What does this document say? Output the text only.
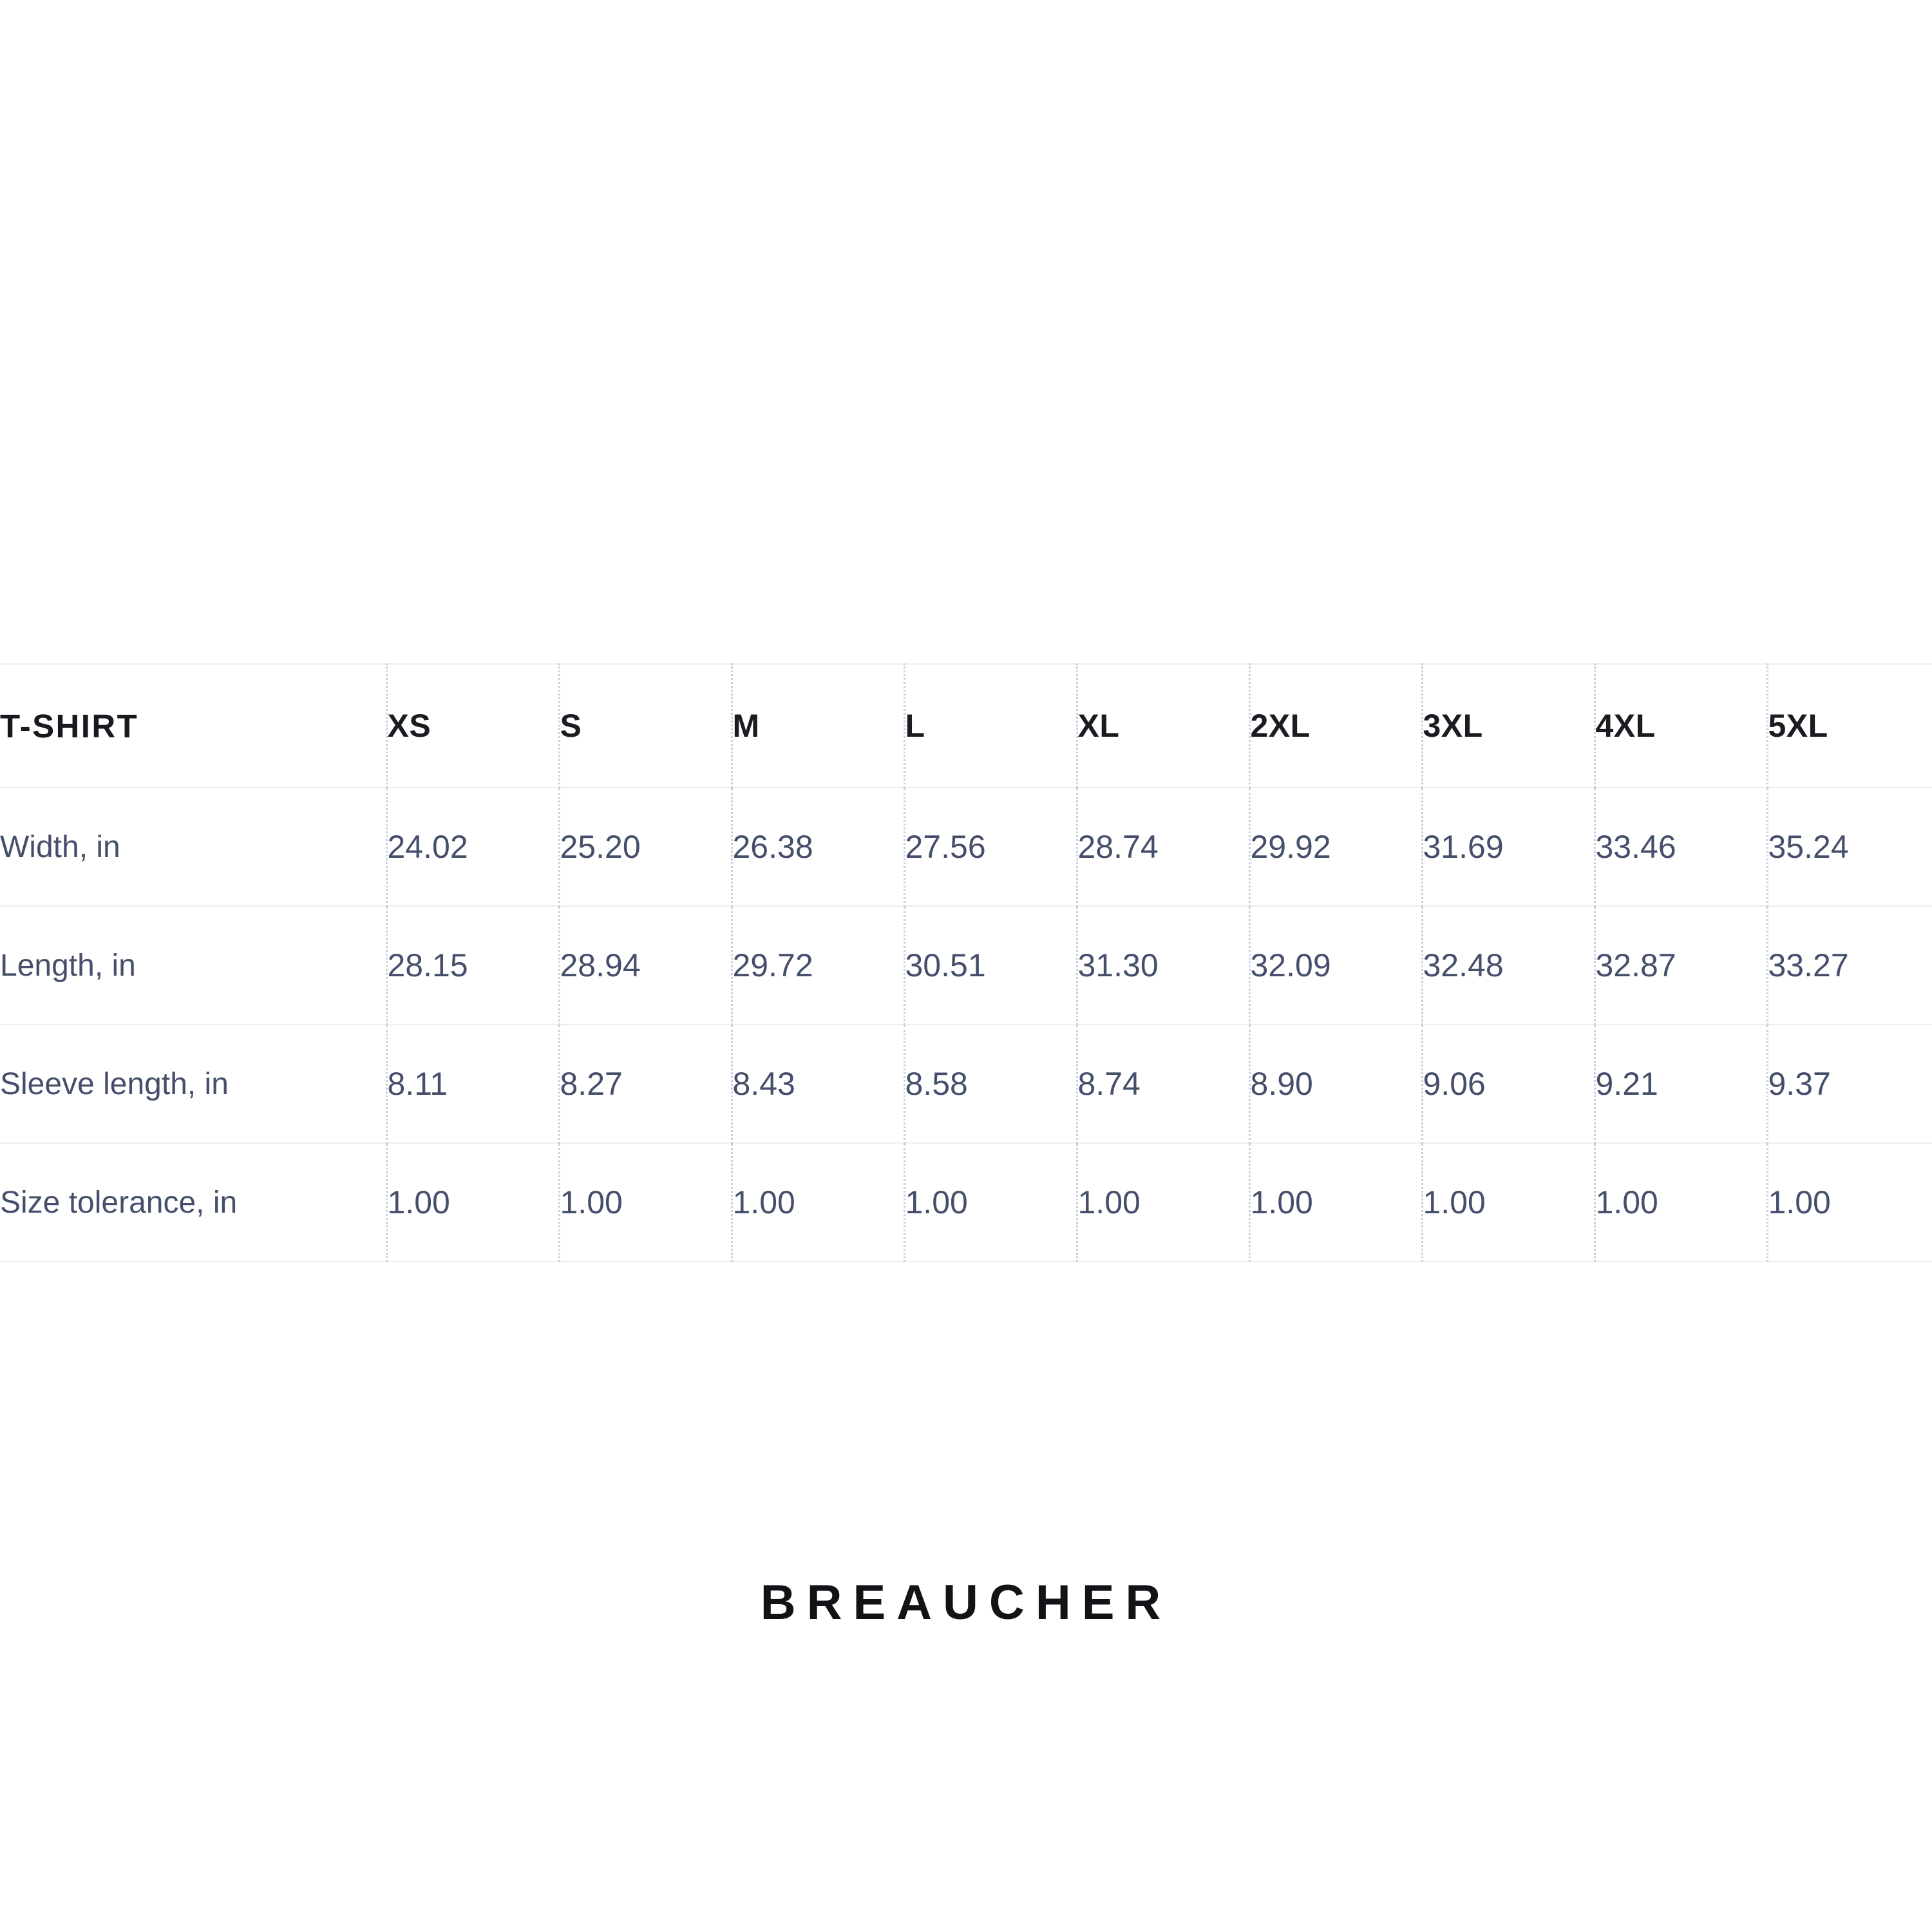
T-SHIRT	XS	S	M	L	XL	2XL	3XL	4XL	5XL
Width, in	24.02	25.20	26.38	27.56	28.74	29.92	31.69	33.46	35.24
Length, in	28.15	28.94	29.72	30.51	31.30	32.09	32.48	32.87	33.27
Sleeve length, in	8.11	8.27	8.43	8.58	8.74	8.90	9.06	9.21	9.37
Size tolerance, in	1.00	1.00	1.00	1.00	1.00	1.00	1.00	1.00	1.00
BREAUCHER
